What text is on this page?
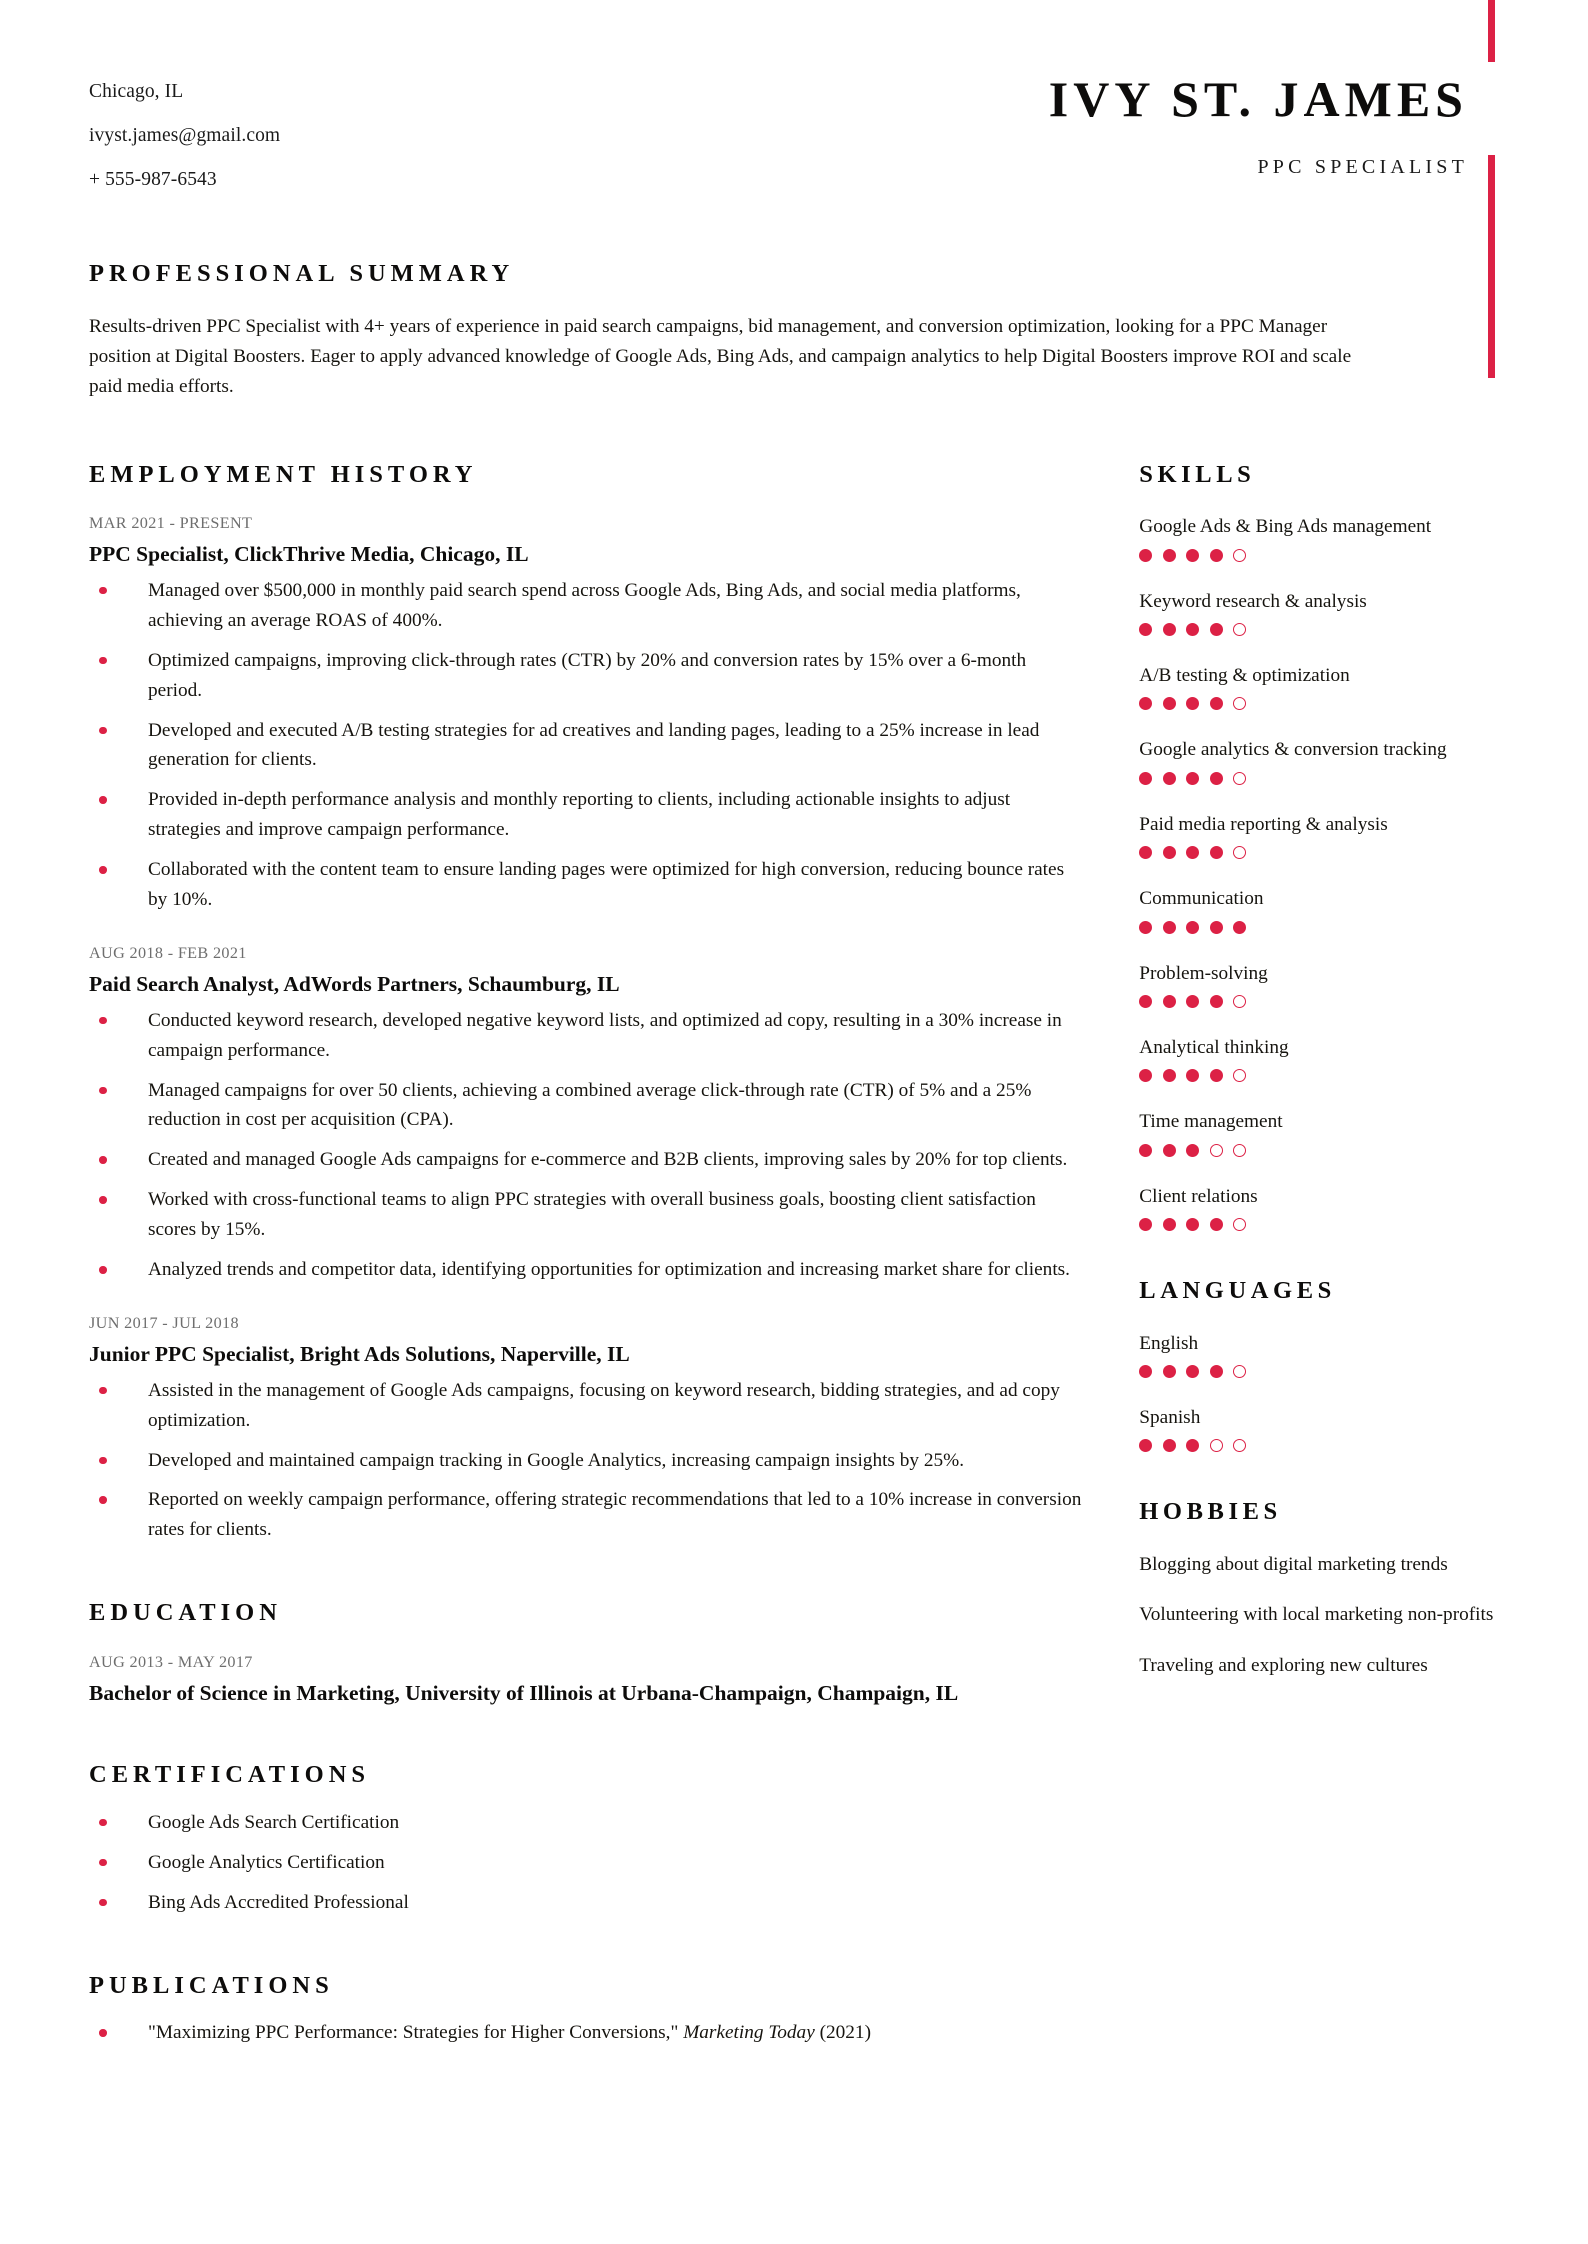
Chicago, IL
ivyst.james@gmail.com
+ 555-987-6543
IVY ST. JAMES
PPC SPECIALIST
PROFESSIONAL SUMMARY
Results-driven PPC Specialist with 4+ years of experience in paid search campaigns, bid management, and conversion optimization, looking for a PPC Manager position at Digital Boosters. Eager to apply advanced knowledge of Google Ads, Bing Ads, and campaign analytics to help Digital Boosters improve ROI and scale paid media efforts.
EMPLOYMENT HISTORY
MAR 2021 - PRESENT
PPC Specialist, ClickThrive Media, Chicago, IL
Managed over $500,000 in monthly paid search spend across Google Ads, Bing Ads, and social media platforms, achieving an average ROAS of 400%.
Optimized campaigns, improving click-through rates (CTR) by 20% and conversion rates by 15% over a 6-month period.
Developed and executed A/B testing strategies for ad creatives and landing pages, leading to a 25% increase in lead generation for clients.
Provided in-depth performance analysis and monthly reporting to clients, including actionable insights to adjust strategies and improve campaign performance.
Collaborated with the content team to ensure landing pages were optimized for high conversion, reducing bounce rates by 10%.
AUG 2018 - FEB 2021
Paid Search Analyst, AdWords Partners, Schaumburg, IL
Conducted keyword research, developed negative keyword lists, and optimized ad copy, resulting in a 30% increase in campaign performance.
Managed campaigns for over 50 clients, achieving a combined average click-through rate (CTR) of 5% and a 25% reduction in cost per acquisition (CPA).
Created and managed Google Ads campaigns for e-commerce and B2B clients, improving sales by 20% for top clients.
Worked with cross-functional teams to align PPC strategies with overall business goals, boosting client satisfaction scores by 15%.
Analyzed trends and competitor data, identifying opportunities for optimization and increasing market share for clients.
JUN 2017 - JUL 2018
Junior PPC Specialist, Bright Ads Solutions, Naperville, IL
Assisted in the management of Google Ads campaigns, focusing on keyword research, bidding strategies, and ad copy optimization.
Developed and maintained campaign tracking in Google Analytics, increasing campaign insights by 25%.
Reported on weekly campaign performance, offering strategic recommendations that led to a 10% increase in conversion rates for clients.
EDUCATION
AUG 2013 - MAY 2017
Bachelor of Science in Marketing, University of Illinois at Urbana-Champaign, Champaign, IL
CERTIFICATIONS
Google Ads Search Certification
Google Analytics Certification
Bing Ads Accredited Professional
PUBLICATIONS
"Maximizing PPC Performance: Strategies for Higher Conversions," Marketing Today (2021)
SKILLS
Google Ads & Bing Ads management
Keyword research & analysis
A/B testing & optimization
Google analytics & conversion tracking
Paid media reporting & analysis
Communication
Problem-solving
Analytical thinking
Time management
Client relations
LANGUAGES
English
Spanish
HOBBIES
Blogging about digital marketing trends
Volunteering with local marketing non-profits
Traveling and exploring new cultures
